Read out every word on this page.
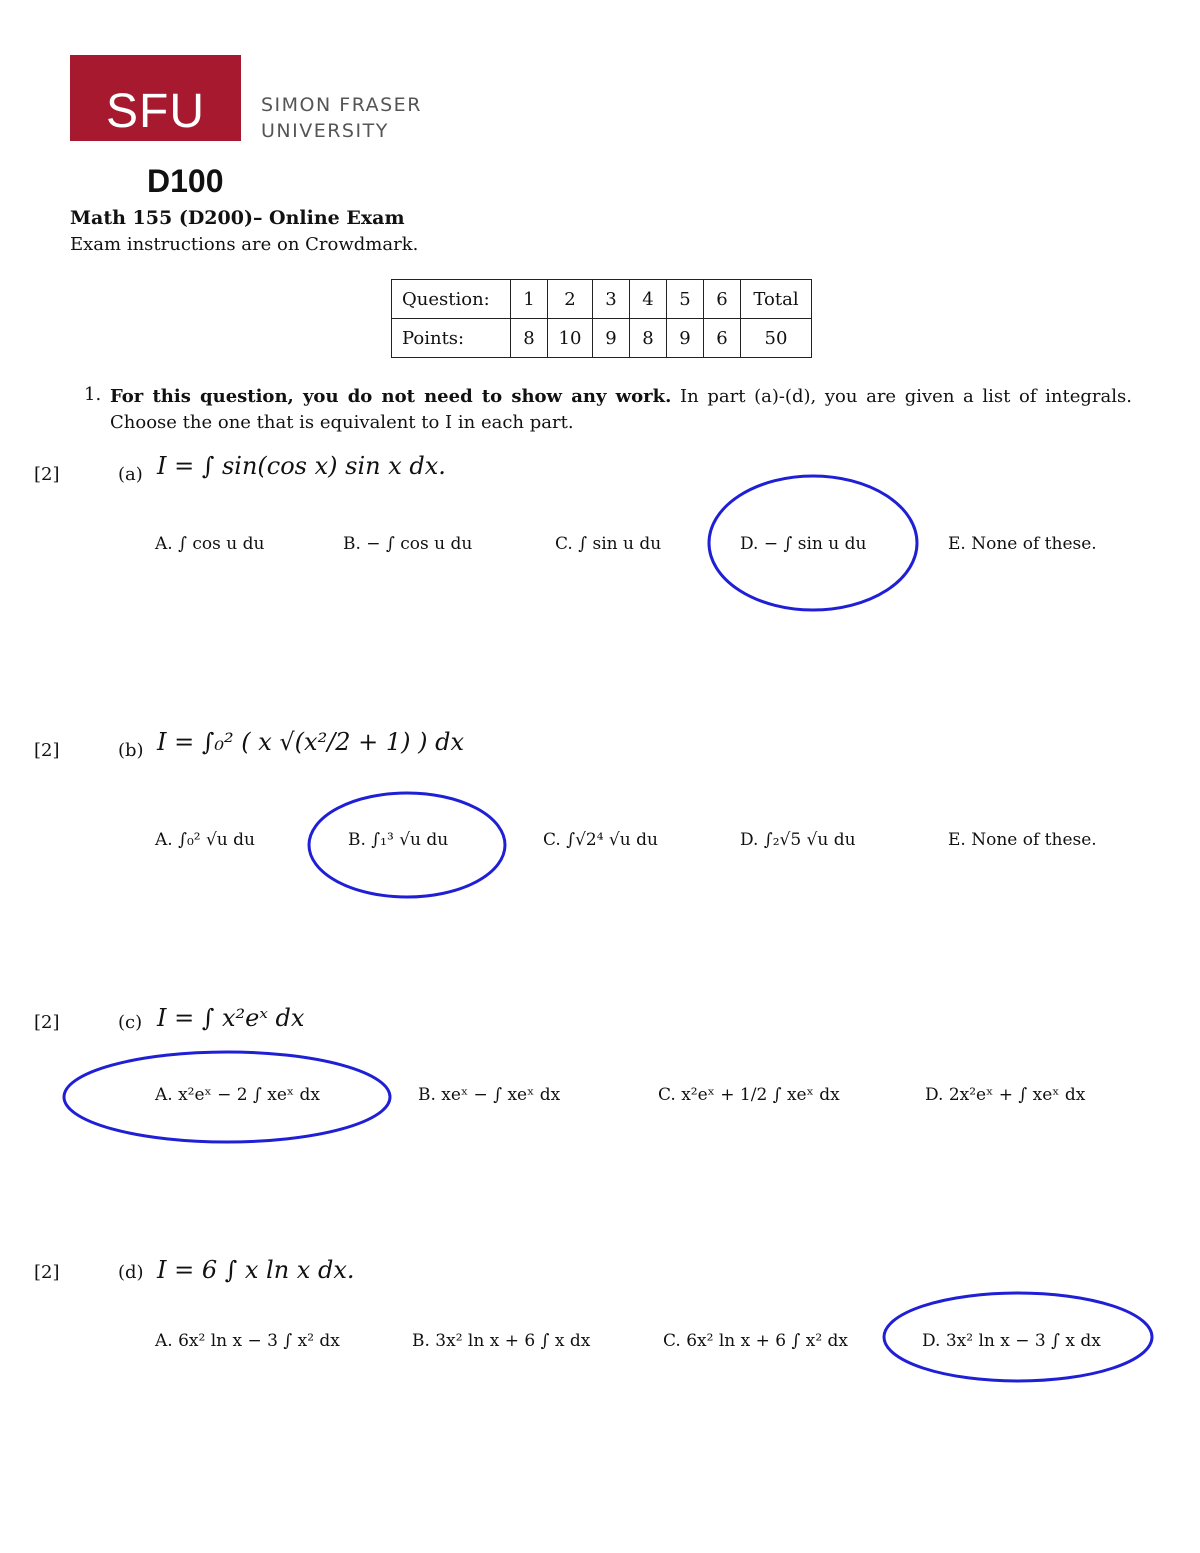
SFU	SIMON FRASER
UNIVERSITY
D100
Math 155 (D200)– Online Exam
Exam instructions are on Crowdmark.
Question:	1	2	3	4	5	6	Total
Points:	8	10	9	8	9	6	50
1. For this question, you do not need to show any work. In part (a)-(d), you are given a list of integrals. Choose the one that is equivalent to I in each part.
[2]	(a) I = ∫ sin(cos x) sin x dx.
A. ∫ cos u du	B. − ∫ cos u du	C. ∫ sin u du	D. − ∫ sin u du	E. None of these.
[2]	(b) I = ∫₀² ( x √(x²/2 + 1) ) dx
A. ∫₀² √u du	B. ∫₁³ √u du	C. ∫√2⁴ √u du	D. ∫₂√5 √u du	E. None of these.
[2]	(c) I = ∫ x²eˣ dx
A. x²eˣ − 2 ∫ xeˣ dx	B. xeˣ − ∫ xeˣ dx	C. x²eˣ + 1/2 ∫ xeˣ dx	D. 2x²eˣ + ∫ xeˣ dx
[2]	(d) I = 6 ∫ x ln x dx.
A. 6x² ln x − 3 ∫ x² dx	B. 3x² ln x + 6 ∫ x dx	C. 6x² ln x + 6 ∫ x² dx	D. 3x² ln x − 3 ∫ x dx
